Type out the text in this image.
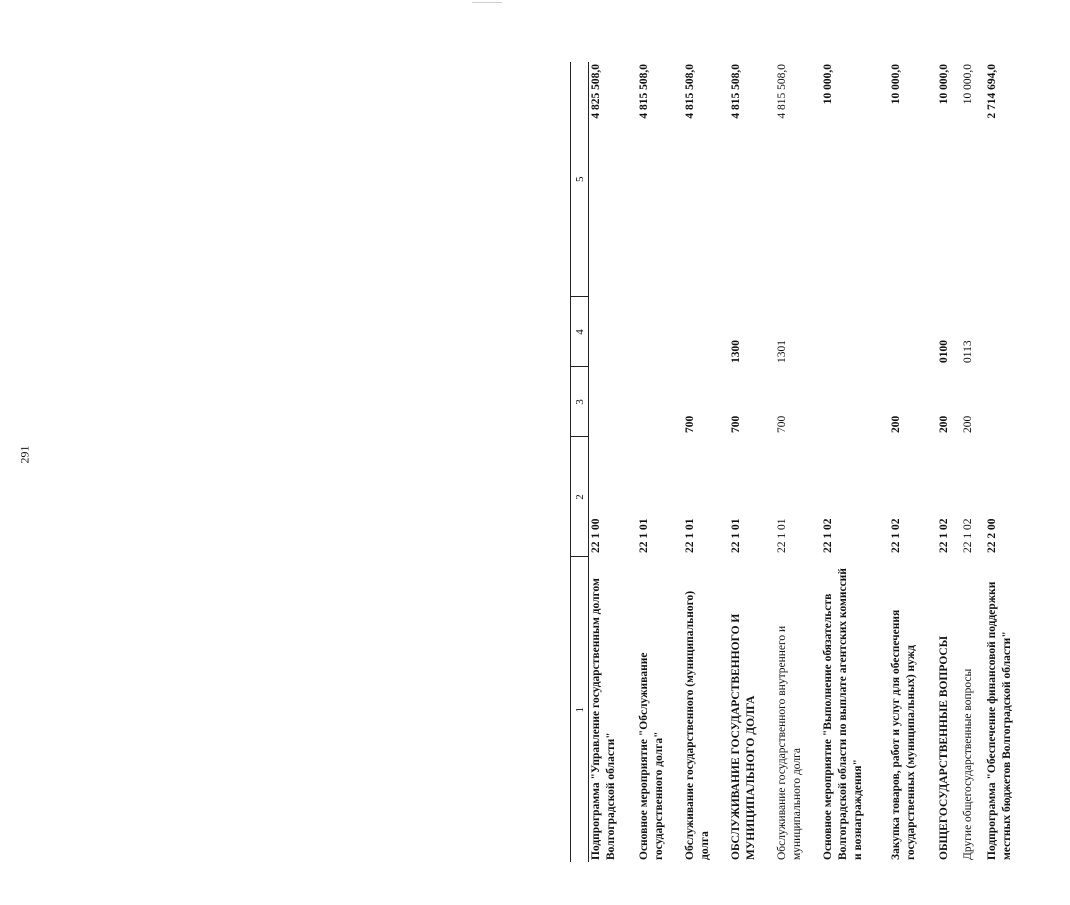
291
1	2	3	4	5

Подпрограмма "Управление государственным долгом Волгоградской области"	22 1 00			4 825 508,0
Основное мероприятие "Обслуживание государственного долга"	22 1 01			4 815 508,0
Обслуживание государственного (муниципального) долга	22 1 01	700		4 815 508,0
ОБСЛУЖИВАНИЕ ГОСУДАРСТВЕННОГО И МУНИЦИПАЛЬНОГО ДОЛГА	22 1 01	700	1300	4 815 508,0
Обслуживание государственного внутреннего и муниципального долга	22 1 01	700	1301	4 815 508,0
Основное мероприятие "Выполнение обязательств Волгоградской области по выплате агентских комиссий и вознаграждения"	22 1 02			10 000,0
Закупка товаров, работ и услуг для обеспечения государственных (муниципальных) нужд	22 1 02	200		10 000,0
ОБЩЕГОСУДАРСТВЕННЫЕ ВОПРОСЫ	22 1 02	200	0100	10 000,0
Другие общегосударственные вопросы	22 1 02	200	0113	10 000,0
Подпрограмма "Обеспечение финансовой поддержки местных бюджетов Волгоградской области"	22 2 00			2 714 694,0
